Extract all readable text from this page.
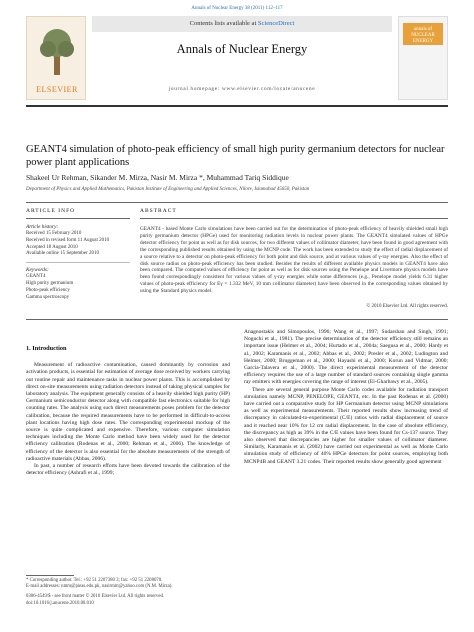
Annals of Nuclear Energy 38 (2011) 112–117
ELSEVIER
Contents lists available at ScienceDirect
Annals of Nuclear Energy
journal homepage: www.elsevier.com/locate/anucene
annals of NUCLEAR ENERGY
GEANT4 simulation of photo-peak efficiency of small high purity germanium detectors for nuclear power plant applications
Shakeel Ur Rehman, Sikander M. Mirza, Nasir M. Mirza *, Muhammad Tariq Siddique
Department of Physics and Applied Mathematics, Pakistan Institute of Engineering and Applied Sciences, Nilore, Islamabad 45650, Pakistan
ARTICLE INFO
Article history:
Received 15 February 2010
Received in revised form 11 August 2010
Accepted 18 August 2010
Available online 15 September 2010
Keywords:
GEANT4
High purity germanium
Photo-peak efficiency
Gamma spectroscopy
ABSTRACT
GEANT4 - based Monte Carlo simulations have been carried out for the determination of photo-peak efficiency of heavily shielded small high purity germanium detector (HPGe) used for monitoring radiation levels in nuclear power plants. The GEANT4 simulated values of HPGe detector efficiency for point as well as for disk sources, for two different values of collimator diameter, have been found in good agreement with the corresponding published results obtained by using the MCNP code. The work has been extended to study the effect of radial displacement of a source relative to a detector on photo-peak efficiency for both point and disk source, and at various values of γ-ray energies. Also the effect of disk source radius on photo-peak efficiency has been studied. Besides the results of different available physics models in GEANT4 have also been compared. The computed values of efficiency for point as well as for disk sources using the Penelope and Livermore physics models have been found correspondingly consistent for various values of γ-ray energies while some differences (e.g., Penelope model yields 6.31 higher values of photo-peak efficiency for Eγ = 1.332 MeV, 10 mm collimator diameter) have been observed in the corresponding values obtained by using the Standard physics model.
© 2010 Elsevier Ltd. All rights reserved.
1. Introduction

Measurement of radioactive contamination, caused dominantly by corrosion and activation products, is essential for estimation of average dose received by workers carrying out routine repair and maintenance tasks in nuclear power plants. This is accomplished by direct on-site measurements using radiation detectors instead of taking physical samples for laboratory analysis. The equipment generally consists of a heavily shielded high purity (HP) Germanium semiconductor detector along with compatible fast electronics suitable for high counting rates. The analysis using such direct measurements poses problem for the detector calibration, because the required measurements have to be performed in difficult-to-access plant locations having high dose rates. The corresponding experimental mockup of the source is quite complicated and expensive. Therefore, various computer simulation techniques including the Monte Carlo method have been widely used for the detector efficiency calibration (Rodenas et al., 2000; Rehman et al., 2006). The knowledge of efficiency of the detector is also essential for the absolute measurements of the strength of radioactive materials (Abbas, 2006).

In past, a number of research efforts have been devoted towards the calibration of the detector efficiency (Ashrafi et al., 1999;

Anagnostakis and Simopoulos, 1996; Wang et al., 1997; Sudarshan and Singh, 1991; Noguchi et al., 1981). The precise determination of the detector efficiency still remains an important issue (Helmer et al., 2004; Hurtado et al., 2004a; Saegusa et al., 2000; Hardy et al., 2002; Karamanis et al., 2002; Abbas et al., 2002; Presler et al., 2002; Ludington and Helmer, 2000; Bruggeman et al., 2000; Hayashi et al., 2000; Korun and Vidmar, 2000; Garcia-Talavera et al., 2000). The direct experimental measurement of the detector efficiency requires the use of a large number of standard sources containing single gamma ray emitters with energies covering the range of interest (El-Gharbawy et al., 2005).

There are several general purpose Monte Carlo codes available for radiation transport simulation namely MCNP, PENELOPE, GEANT4, etc. In the past Rodenas et al. (2000) have carried out a comparative study for HP Germanium detector using MCNP simulations as well as experimental measurements. Their reported results show increasing trend of discrepancy in calculated-to-experimental (C/E) ratios with radial displacement of source and it reached near 10% for 12 cm radial displacement. In the case of absolute efficiency, the discrepancy as high as 39% in the C/E values have been found for Cs-137 source. They also observed that discrepancies are higher for smaller values of collimator diameter. Similarly, Karamanis et al. (2002) have carried out experimental as well as Monte Carlo simulation study of efficiency of 40% HPGe detectors for point sources, employing both MCNP4B and GEANT 3.21 codes. Their reported results show generally good agreement

* Corresponding author. Tel.: +92 51 2207380 3; fax: +92 51 2208070.
E-mail addresses: nmm@pieas.edu.pk, nasirmm@yahoo.com (N.M. Mirza).
0306-4549/$ - see front matter © 2010 Elsevier Ltd. All rights reserved.
doi:10.1016/j.anucene.2010.08.010
